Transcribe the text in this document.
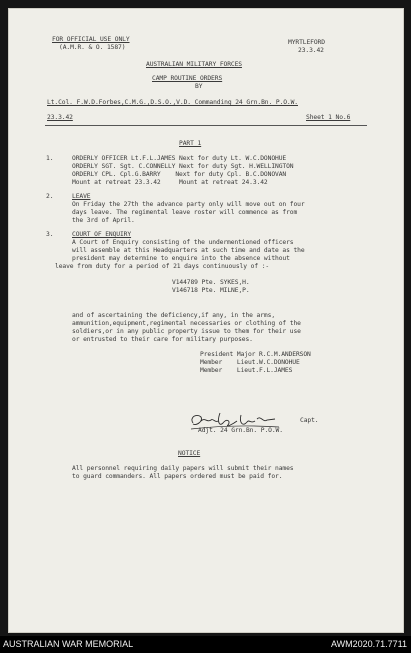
FOR OFFICIAL USE ONLY
(A.M.R. & O. 1587)
MYRTLEFORD
23.3.42
AUSTRALIAN MILITARY FORCES
CAMP ROUTINE ORDERS
BY
Lt.Col. F.W.D.Forbes,C.M.G.,D.S.O.,V.D. Commanding 24 Grn.Bn. P.O.W.
23.3.42	Sheet 1 No.6
PART 1
1.	ORDERLY OFFICER Lt.F.L.JAMES Next for duty Lt. W.C.DONOHUE
ORDERLY SGT. Sgt. C.CONNELLY Next for duty Sgt. H.WELLINGTON
ORDERLY CPL. Cpl.G.BARRY    Next for duty Cpl. B.C.DONOVAN
Mount at retreat 23.3.42     Mount at retreat 24.3.42
2.	LEAVE
On Friday the 27th the advance party only will move out on four
days leave. The regimental leave roster will commence as from
the 3rd of April.
3.	COURT OF ENQUIRY
A Court of Enquiry consisting of the undermentioned officers
will assemble at this Headquarters at such time and date as the
president may determine to enquire into the absence without
leave from duty for a period of 21 days continuously of :-
V144789 Pte. SYKES,H.
V146718 Pte. MILNE,P.
and of ascertaining the deficiency,if any, in the arms,
ammunition,equipment,regimental necessaries or clothing of the
soldiers,or in any public property issue to them for their use
or entrusted to their care for military purposes.
President Major R.C.M.ANDERSON
Member    Lieut.W.C.DONOHUE
Member    Lieut.F.L.JAMES
Capt.
Adjt. 24 Grn.Bn. P.O.W.
NOTICE
All personnel requiring daily papers will submit their names
to guard commanders. All papers ordered must be paid for.
AUSTRALIAN WAR MEMORIAL	AWM2020.71.7711
